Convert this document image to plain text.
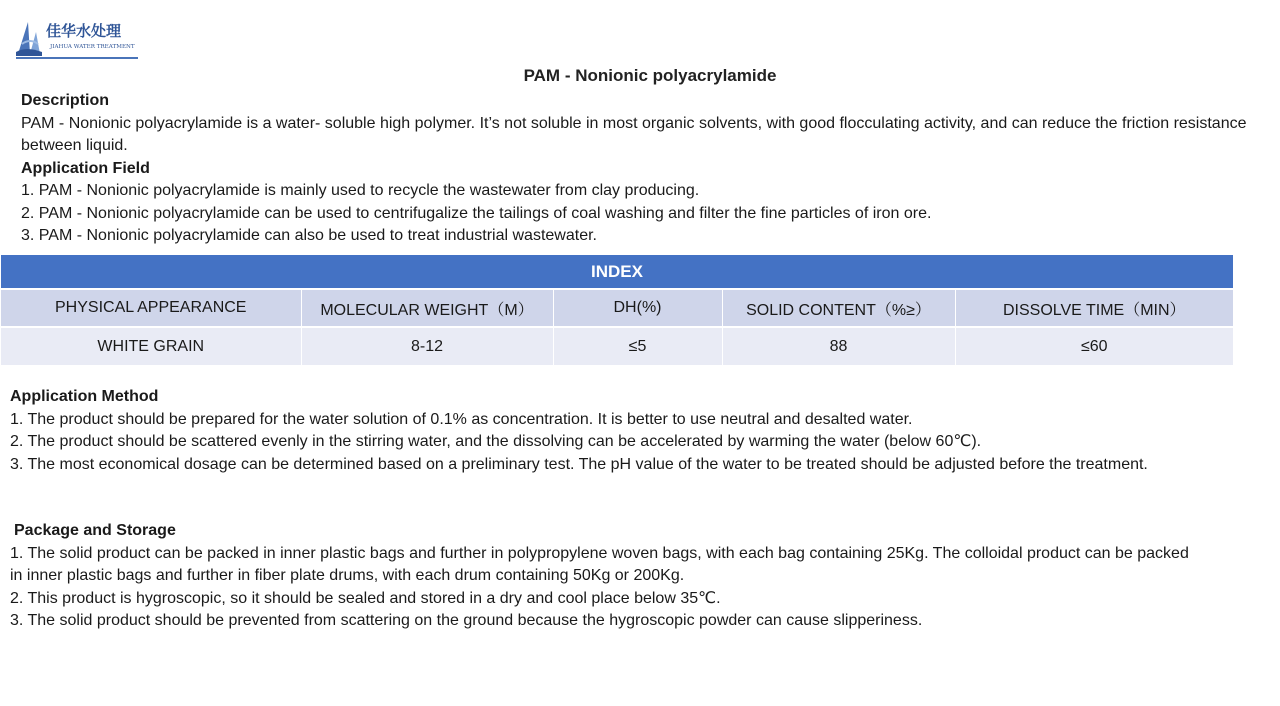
佳华水处理
JIAHUA WATER TREATMENT
PAM - Nonionic polyacrylamide

Description

PAM - Nonionic polyacrylamide is a water- soluble high polymer. It’s not soluble in most organic solvents, with good flocculating activity, and can reduce the friction resistance between liquid.

Application Field

1. PAM - Nonionic polyacrylamide is mainly used to recycle the wastewater from clay producing.

2. PAM - Nonionic polyacrylamide can be used to centrifugalize the tailings of coal washing and filter the fine particles of iron ore.

3. PAM - Nonionic polyacrylamide can also be used to treat industrial wastewater.

INDEX				
PHYSICAL APPEARANCE	MOLECULAR WEIGHT（M）	DH(%)	SOLID CONTENT（%≥）	DISSOLVE TIME（MIN）
WHITE GRAIN	8-12	≤5	88	≤60

Application Method

1. The product should be prepared for the water solution of 0.1% as concentration. It is better to use neutral and desalted water.

2. The product should be scattered evenly in the stirring water, and the dissolving can be accelerated by warming the water (below 60℃).

3. The most economical dosage can be determined based on a preliminary test. The pH value of the water to be treated should be adjusted before the treatment.

Package and Storage

1. The solid product can be packed in inner plastic bags and further in polypropylene woven bags, with each bag containing 25Kg. The colloidal product can be packed in inner plastic bags and further in fiber plate drums, with each drum containing 50Kg or 200Kg.

2. This product is hygroscopic, so it should be sealed and stored in a dry and cool place below 35℃.

3. The solid product should be prevented from scattering on the ground because the hygroscopic powder can cause slipperiness.
